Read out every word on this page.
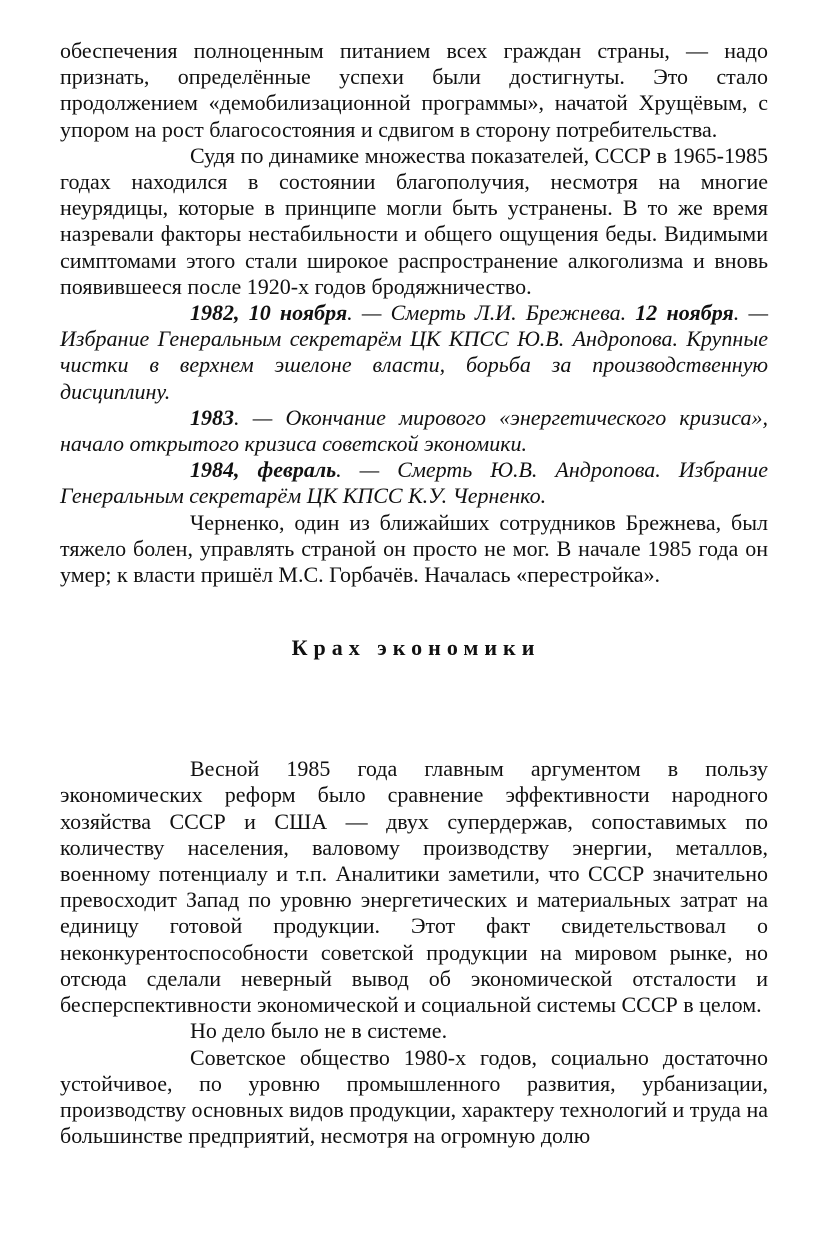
обеспечения полноценным питанием всех граждан страны, — надо признать, определённые успехи были достигнуты. Это стало продолжением «демобилизационной программы», начатой Хрущёвым, с упором на рост благосостояния и сдвигом в сторону потребительства.

Судя по динамике множества показателей, СССР в 1965-1985 годах находился в состоянии благополучия, несмотря на многие неурядицы, которые в принципе могли быть устранены. В то же время назревали факторы нестабильности и общего ощущения беды. Видимыми симптомами этого стали широкое распространение алкоголизма и вновь появившееся после 1920-х годов бродяжничество.

1982, 10 ноября. — Смерть Л.И. Брежнева. 12 ноября. — Избрание Генеральным секретарём ЦК КПСС Ю.В. Андропова. Крупные чистки в верхнем эшелоне власти, борьба за производственную дисциплину.

1983. — Окончание мирового «энергетического кризиса», начало открытого кризиса советской экономики.

1984, февраль. — Смерть Ю.В. Андропова. Избрание Генеральным секретарём ЦК КПСС К.У. Черненко.

Черненко, один из ближайших сотрудников Брежнева, был тяжело болен, управлять страной он просто не мог. В начале 1985 года он умер; к власти пришёл М.С. Горбачёв. Началась «перестройка».

Крах экономики

Весной 1985 года главным аргументом в пользу экономических реформ было сравнение эффективности народного хозяйства СССР и США — двух супердержав, сопоставимых по количеству населения, валовому производству энергии, металлов, военному потенциалу и т.п. Аналитики заметили, что СССР значительно превосходит Запад по уровню энергетических и материальных затрат на единицу готовой продукции. Этот факт свидетельствовал о неконкурентоспособности советской продукции на мировом рынке, но отсюда сделали неверный вывод об экономической отсталости и бесперспективности экономической и социальной системы СССР в целом.

Но дело было не в системе.

Советское общество 1980-х годов, социально достаточно устойчивое, по уровню промышленного развития, урбанизации, производству основных видов продукции, характеру технологий и труда на большинстве предприятий, несмотря на огромную долю
